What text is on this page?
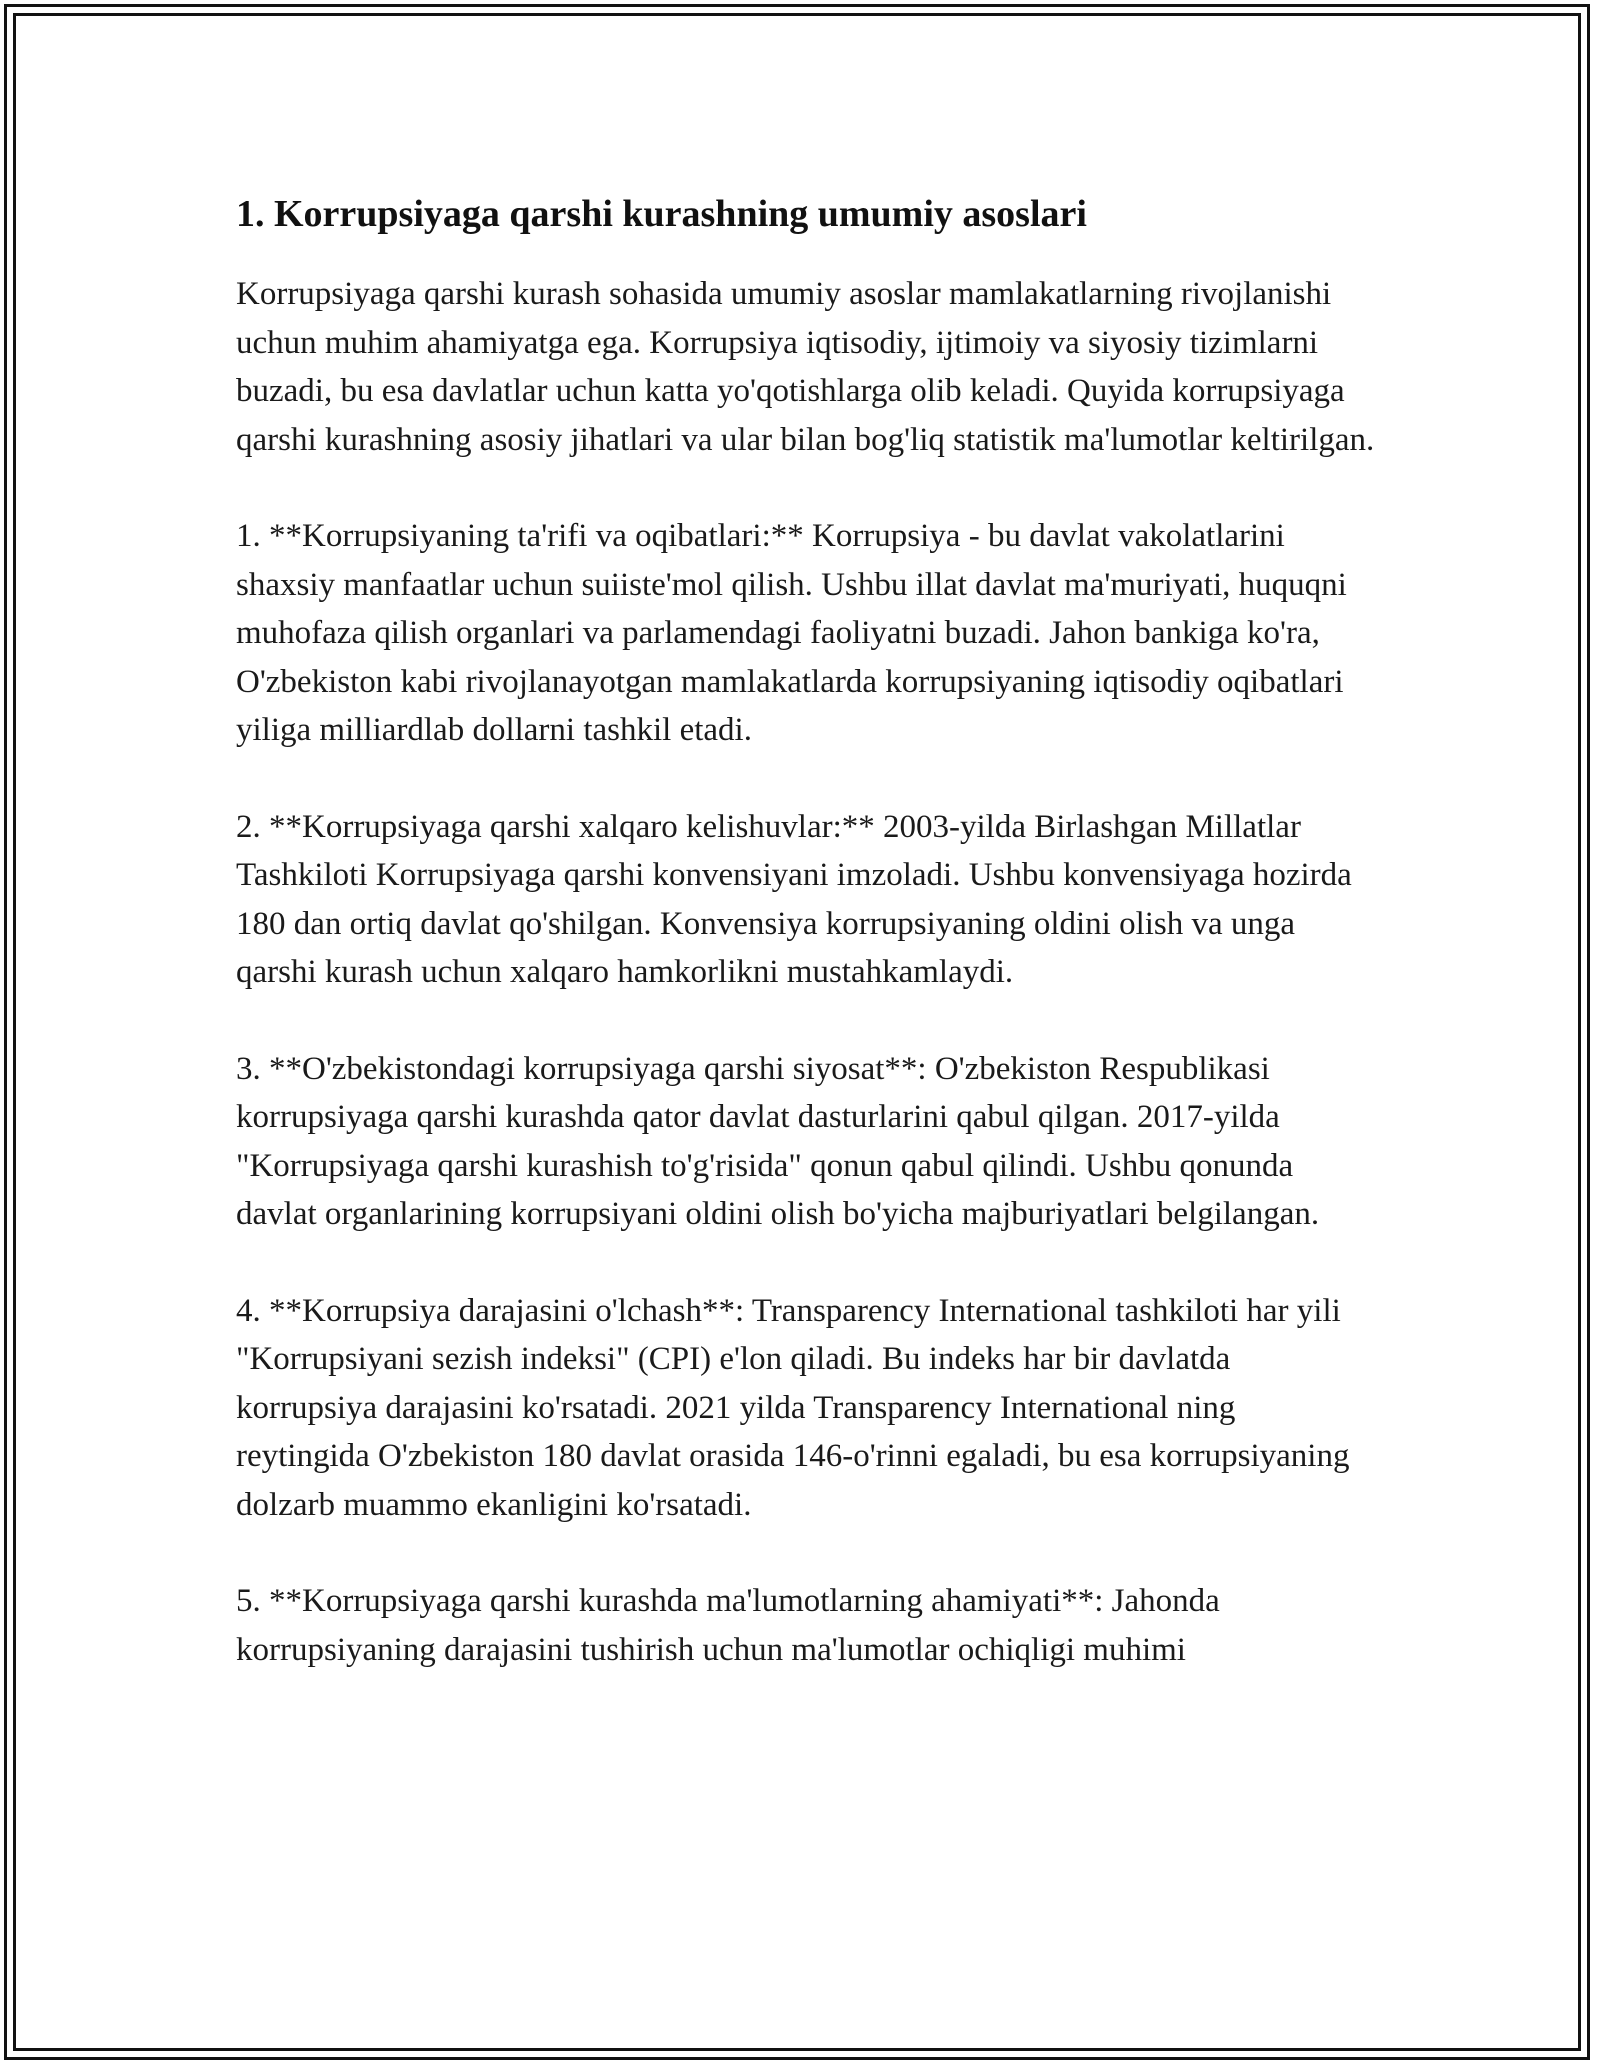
1. Korrupsiyaga qarshi kurashning umumiy asoslari

Korrupsiyaga qarshi kurash sohasida umumiy asoslar mamlakatlarning rivojlanishi uchun muhim ahamiyatga ega. Korrupsiya iqtisodiy, ijtimoiy va siyosiy tizimlarni buzadi, bu esa davlatlar uchun katta yo'qotishlarga olib keladi. Quyida korrupsiyaga qarshi kurashning asosiy jihatlari va ular bilan bog'liq statistik ma'lumotlar keltirilgan.

1. **Korrupsiyaning ta'rifi va oqibatlari:** Korrupsiya - bu davlat vakolatlarini shaxsiy manfaatlar uchun suiiste'mol qilish. Ushbu illat davlat ma'muriyati, huquqni muhofaza qilish organlari va parlamendagi faoliyatni buzadi. Jahon bankiga ko'ra, O'zbekiston kabi rivojlanayotgan mamlakatlarda korrupsiyaning iqtisodiy oqibatlari yiliga milliardlab dollarni tashkil etadi.

2. **Korrupsiyaga qarshi xalqaro kelishuvlar:** 2003-yilda Birlashgan Millatlar Tashkiloti Korrupsiyaga qarshi konvensiyani imzoladi. Ushbu konvensiyaga hozirda 180 dan ortiq davlat qo'shilgan. Konvensiya korrupsiyaning oldini olish va unga qarshi kurash uchun xalqaro hamkorlikni mustahkamlaydi.

3. **O'zbekistondagi korrupsiyaga qarshi siyosat**: O'zbekiston Respublikasi korrupsiyaga qarshi kurashda qator davlat dasturlarini qabul qilgan. 2017-yilda "Korrupsiyaga qarshi kurashish to'g'risida" qonun qabul qilindi. Ushbu qonunda davlat organlarining korrupsiyani oldini olish bo'yicha majburiyatlari belgilangan.

4. **Korrupsiya darajasini o'lchash**: Transparency International tashkiloti har yili "Korrupsiyani sezish indeksi" (CPI) e'lon qiladi. Bu indeks har bir davlatda korrupsiya darajasini ko'rsatadi. 2021 yilda Transparency International ning reytingida O'zbekiston 180 davlat orasida 146-o'rinni egaladi, bu esa korrupsiyaning dolzarb muammo ekanligini ko'rsatadi.

5. **Korrupsiyaga qarshi kurashda ma'lumotlarning ahamiyati**: Jahonda korrupsiyaning darajasini tushirish uchun ma'lumotlar ochiqligi muhimi
